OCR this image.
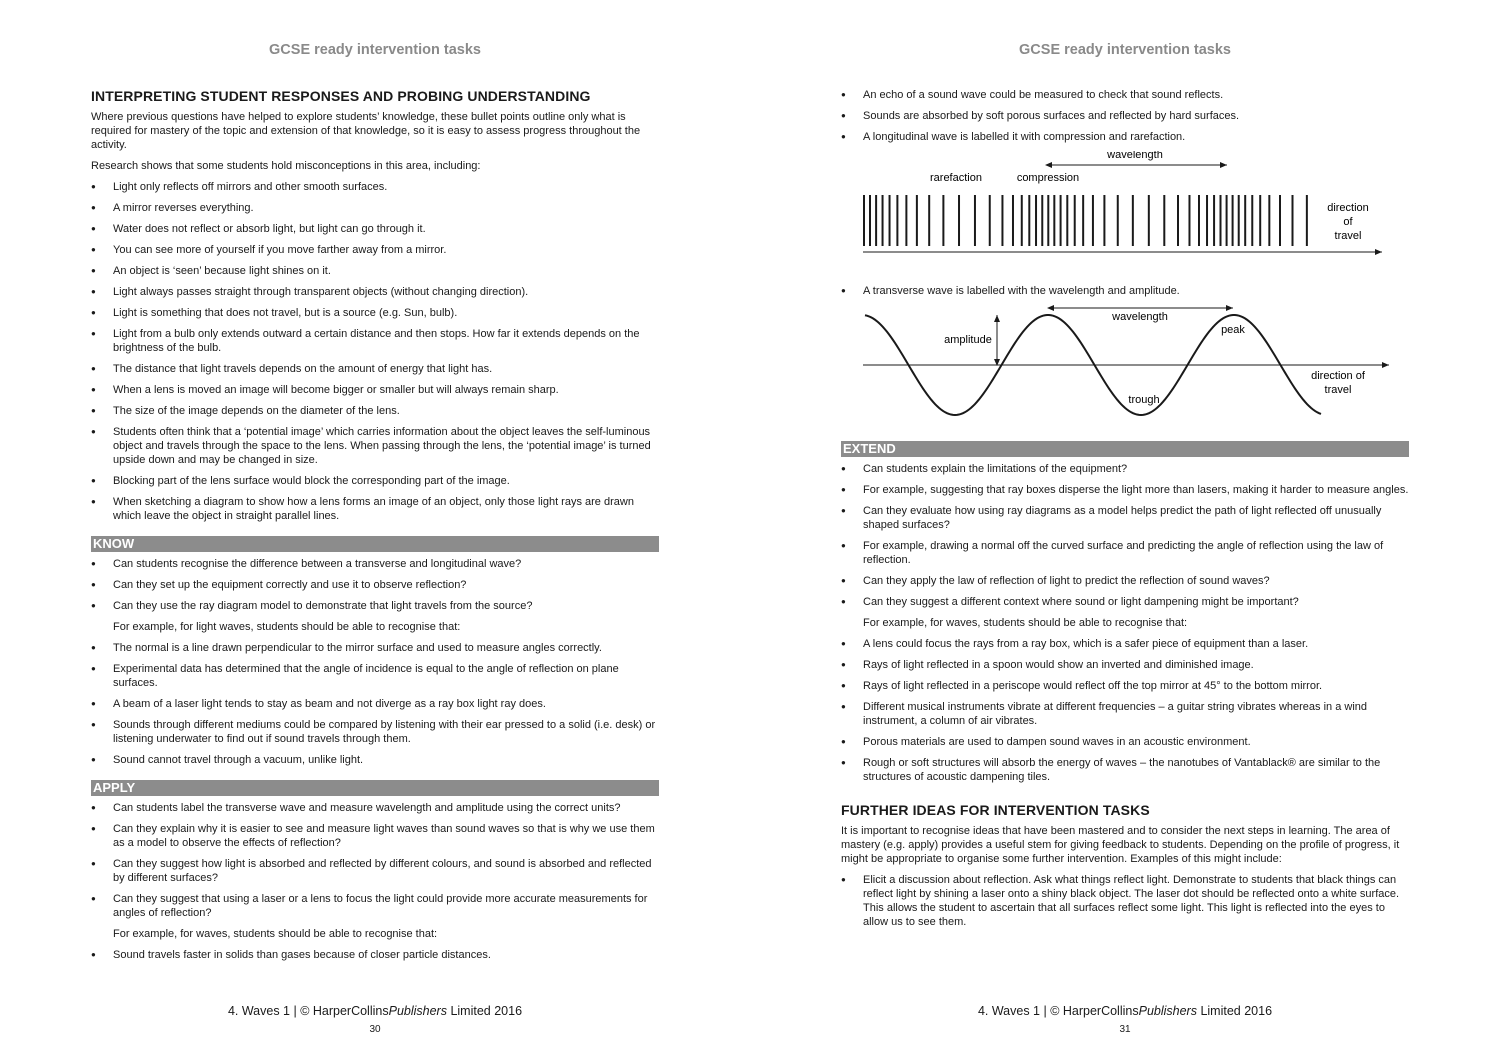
GCSE ready intervention tasks
INTERPRETING STUDENT RESPONSES AND PROBING UNDERSTANDING

Where previous questions have helped to explore students’ knowledge, these bullet points outline only what is required for mastery of the topic and extension of that knowledge, so it is easy to assess progress throughout the activity.

Research shows that some students hold misconceptions in this area, including:

● Light only reflects off mirrors and other smooth surfaces.
● A mirror reverses everything.
● Water does not reflect or absorb light, but light can go through it.
● You can see more of yourself if you move farther away from a mirror.
● An object is ‘seen’ because light shines on it.
● Light always passes straight through transparent objects (without changing direction).
● Light is something that does not travel, but is a source (e.g. Sun, bulb).
● Light from a bulb only extends outward a certain distance and then stops. How far it extends depends on the brightness of the bulb.
● The distance that light travels depends on the amount of energy that light has.
● When a lens is moved an image will become bigger or smaller but will always remain sharp.
● The size of the image depends on the diameter of the lens.
● Students often think that a ‘potential image’ which carries information about the object leaves the self-luminous object and travels through the space to the lens. When passing through the lens, the ‘potential image’ is turned upside down and may be changed in size.
● Blocking part of the lens surface would block the corresponding part of the image.
● When sketching a diagram to show how a lens forms an image of an object, only those light rays are drawn which leave the object in straight parallel lines.
KNOW
● Can students recognise the difference between a transverse and longitudinal wave?
● Can they set up the equipment correctly and use it to observe reflection?
● Can they use the ray diagram model to demonstrate that light travels from the source?
For example, for light waves, students should be able to recognise that:
● The normal is a line drawn perpendicular to the mirror surface and used to measure angles correctly.
● Experimental data has determined that the angle of incidence is equal to the angle of reflection on plane surfaces.
● A beam of a laser light tends to stay as beam and not diverge as a ray box light ray does.
● Sounds through different mediums could be compared by listening with their ear pressed to a solid (i.e. desk) or listening underwater to find out if sound travels through them.
● Sound cannot travel through a vacuum, unlike light.
APPLY
● Can students label the transverse wave and measure wavelength and amplitude using the correct units?
● Can they explain why it is easier to see and measure light waves than sound waves so that is why we use them as a model to observe the effects of reflection?
● Can they suggest how light is absorbed and reflected by different colours, and sound is absorbed and reflected by different surfaces?
● Can they suggest that using a laser or a lens to focus the light could provide more accurate measurements for angles of reflection?
For example, for waves, students should be able to recognise that:
● Sound travels faster in solids than gases because of closer particle distances.
4. Waves 1 | © HarperCollinsPublishers Limited 2016
30
GCSE ready intervention tasks
● An echo of a sound wave could be measured to check that sound reflects.
● Sounds are absorbed by soft porous surfaces and reflected by hard surfaces.
● A longitudinal wave is labelled it with compression and rarefaction.
wavelength
rarefaction	compression
direction
of
travel
● A transverse wave is labelled with the wavelength and amplitude.
amplitude
wavelength
peak
trough
direction of
travel
EXTEND
● Can students explain the limitations of the equipment?
● For example, suggesting that ray boxes disperse the light more than lasers, making it harder to measure angles.
● Can they evaluate how using ray diagrams as a model helps predict the path of light reflected off unusually shaped surfaces?
● For example, drawing a normal off the curved surface and predicting the angle of reflection using the law of reflection.
● Can they apply the law of reflection of light to predict the reflection of sound waves?
● Can they suggest a different context where sound or light dampening might be important?
For example, for waves, students should be able to recognise that:
● A lens could focus the rays from a ray box, which is a safer piece of equipment than a laser.
● Rays of light reflected in a spoon would show an inverted and diminished image.
● Rays of light reflected in a periscope would reflect off the top mirror at 45° to the bottom mirror.
● Different musical instruments vibrate at different frequencies – a guitar string vibrates whereas in a wind instrument, a column of air vibrates.
● Porous materials are used to dampen sound waves in an acoustic environment.
● Rough or soft structures will absorb the energy of waves – the nanotubes of Vantablack® are similar to the structures of acoustic dampening tiles.
FURTHER IDEAS FOR INTERVENTION TASKS

It is important to recognise ideas that have been mastered and to consider the next steps in learning. The area of mastery (e.g. apply) provides a useful stem for giving feedback to students. Depending on the profile of progress, it might be appropriate to organise some further intervention. Examples of this might include:

● Elicit a discussion about reflection. Ask what things reflect light. Demonstrate to students that black things can reflect light by shining a laser onto a shiny black object. The laser dot should be reflected onto a white surface. This allows the student to ascertain that all surfaces reflect some light. This light is reflected into the eyes to allow us to see them.
4. Waves 1 | © HarperCollinsPublishers Limited 2016
31
